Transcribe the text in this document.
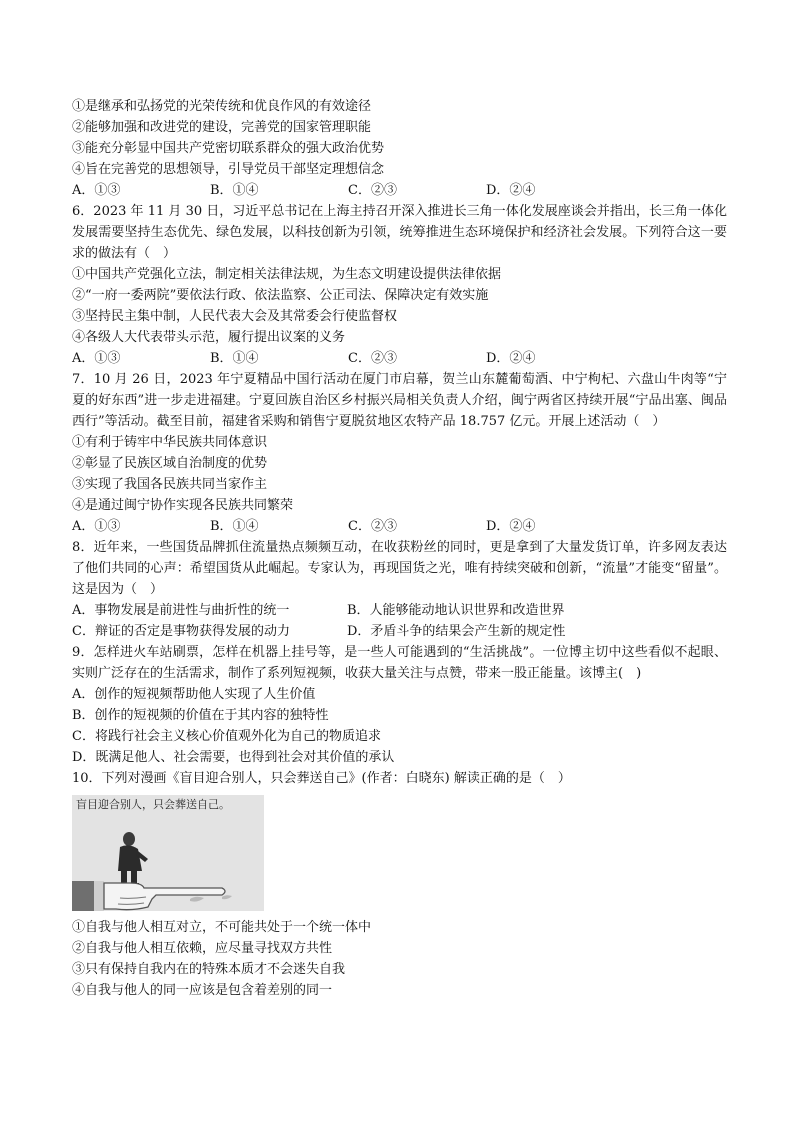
①是继承和弘扬党的光荣传统和优良作风的有效途径
②能够加强和改进党的建设，完善党的国家管理职能
③能充分彰显中国共产党密切联系群众的强大政治优势
④旨在完善党的思想领导，引导党员干部坚定理想信念
A．①③	B．①④	C．②③	D．②④
6．2023 年 11 月 30 日，习近平总书记在上海主持召开深入推进长三角一体化发展座谈会并指出，长三角一体化发展需要坚持生态优先、绿色发展，以科技创新为引领，统筹推进生态环境保护和经济社会发展。下列符合这一要求的做法有（　）
①中国共产党强化立法，制定相关法律法规，为生态文明建设提供法律依据
②“一府一委两院”要依法行政、依法监察、公正司法、保障决定有效实施
③坚持民主集中制，人民代表大会及其常委会行使监督权
④各级人大代表带头示范，履行提出议案的义务
A．①③	B．①④	C．②③	D．②④
7．10 月 26 日，2023 年宁夏精品中国行活动在厦门市启幕，贺兰山东麓葡萄酒、中宁枸杞、六盘山牛肉等“宁夏的好东西”进一步走进福建。宁夏回族自治区乡村振兴局相关负责人介绍，闽宁两省区持续开展“宁品出塞、闽品西行”等活动。截至目前，福建省采购和销售宁夏脱贫地区农特产品 18.757 亿元。开展上述活动（　）
①有利于铸牢中华民族共同体意识
②彰显了民族区域自治制度的优势
③实现了我国各民族共同当家作主
④是通过闽宁协作实现各民族共同繁荣
A．①③	B．①④	C．②③	D．②④
8．近年来，一些国货品牌抓住流量热点频频互动，在收获粉丝的同时，更是拿到了大量发货订单，许多网友表达了他们共同的心声：希望国货从此崛起。专家认为，再现国货之光，唯有持续突破和创新，“流量”才能变“留量”。这是因为（　）
A．事物发展是前进性与曲折性的统一	B．人能够能动地认识世界和改造世界
C．辩证的否定是事物获得发展的动力	D．矛盾斗争的结果会产生新的规定性
9．怎样进火车站刷票，怎样在机器上挂号等，是一些人可能遇到的“生活挑战”。一位博主切中这些看似不起眼、实则广泛存在的生活需求，制作了系列短视频，收获大量关注与点赞，带来一股正能量。该博主(　)
A．创作的短视频帮助他人实现了人生价值
B．创作的短视频的价值在于其内容的独特性
C．将践行社会主义核心价值观外化为自己的物质追求
D．既满足他人、社会需要，也得到社会对其价值的承认
10．下列对漫画《盲目迎合别人，只会葬送自己》(作者：白晓东) 解读正确的是（　）
盲目迎合别人，只会葬送自己。
①自我与他人相互对立，不可能共处于一个统一体中
②自我与他人相互依赖，应尽量寻找双方共性
③只有保持自我内在的特殊本质才不会迷失自我
④自我与他人的同一应该是包含着差别的同一
